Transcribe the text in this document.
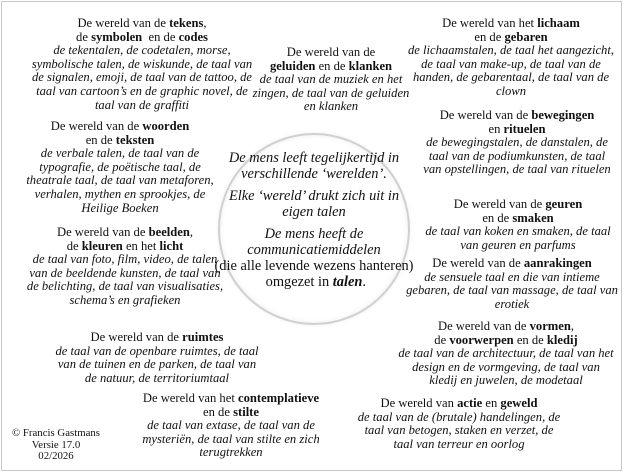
De wereld van de tekens,
de symbolen  en de codes
de tekentalen, de codetalen, morse, symbolische talen, de wiskunde, de taal van de signalen, emoji, de taal van de tattoo, de taal van cartoon’s en de graphic novel, de taal van de graffiti
De wereld van de
geluiden en de klanken
de taal van de muziek en het zingen, de taal van de geluiden en klanken
De wereld van het lichaam
en de gebaren
de lichaamstalen, de taal het aangezicht, de taal van make-up, de taal van de handen, de gebarentaal, de taal van de clown
De wereld van de woorden
en de teksten
de verbale talen, de taal van de typografie, de poëtische taal, de theatrale taal, de taal van metaforen, verhalen, mythen en sprookjes, de Heilige Boeken
De wereld van de bewegingen
en rituelen
de bewegingstalen, de danstalen, de taal van de podiumkunsten, de taal van opstellingen, de taal van rituelen
De wereld van de beelden,
de kleuren en het licht
de taal van foto, film, video, de talen van de beeldende kunsten, de taal van de belichting, de taal van visualisaties, schema’s en grafieken
De wereld van de geuren
en de smaken
de taal van koken en smaken, de taal van geuren en parfums
De wereld van de aanrakingen
de sensuele taal en die van intieme gebaren, de taal van massage, de taal van erotiek
De wereld van de ruimtes
de taal van de openbare ruimtes, de taal van de tuinen en de parken, de taal van de natuur, de territoriumtaal
De wereld van de vormen,
de voorwerpen en de kledij
de taal van de architectuur, de taal van het design en de vormgeving, de taal van kledij en juwelen, de modetaal
De wereld van het contemplatieve
en de stilte
de taal van extase, de taal van de mysteriën, de taal van stilte en zich terugtrekken
De wereld van actie en geweld
de taal van de (brutale) handelingen, de taal van betogen, staken en verzet, de taal van terreur en oorlog

De mens leeft tegelijkertijd in verschillende ‘werelden’.

Elke ‘wereld’ drukt zich uit in eigen talen

De mens heeft de communicatiemiddelen
(die alle levende wezens hanteren)
omgezet in talen.

© Francis Gastmans
Versie 17.0
02/2026
